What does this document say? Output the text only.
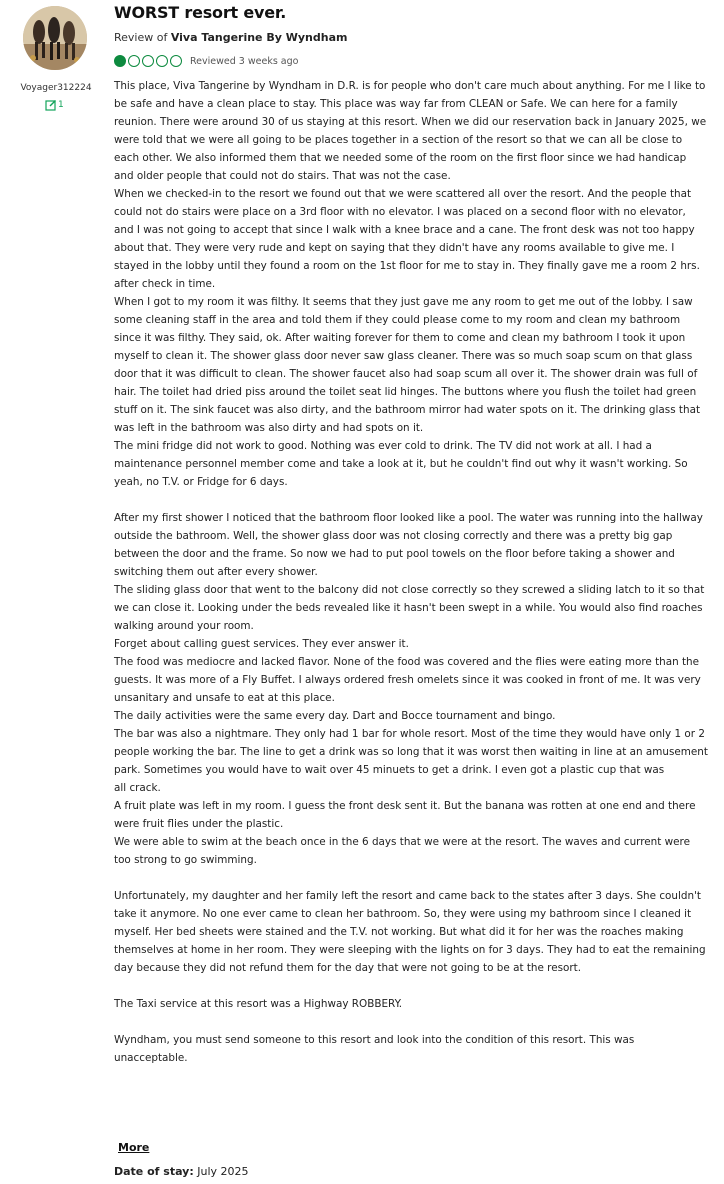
Voyager312224
1
WORST resort ever.
Review of Viva Tangerine By Wyndham
Reviewed 3 weeks ago

This place, Viva Tangerine by Wyndham in D.R. is for people who don't care much about anything. For me I like to be safe and have a clean place to stay. This place was way far from CLEAN or Safe. We can here for a family reunion. There were around 30 of us staying at this resort. When we did our reservation back in January 2025, we were told that we were all going to be places together in a section of the resort so that we can all be close to each other. We also informed them that we needed some of the room on the first floor since we had handicap and older people that could not do stairs. That was not the case.

When we checked-in to the resort we found out that we were scattered all over the resort. And the people that could not do stairs were place on a 3rd floor with no elevator. I was placed on a second floor with no elevator, and I was not going to accept that since I walk with a knee brace and a cane. The front desk was not too happy about that. They were very rude and kept on saying that they didn't have any rooms available to give me. I stayed in the lobby until they found a room on the 1st floor for me to stay in. They finally gave me a room 2 hrs. after check in time.

When I got to my room it was filthy. It seems that they just gave me any room to get me out of the lobby. I saw some cleaning staff in the area and told them if they could please come to my room and clean my bathroom since it was filthy. They said, ok. After waiting forever for them to come and clean my bathroom I took it upon myself to clean it. The shower glass door never saw glass cleaner. There was so much soap scum on that glass door that it was difficult to clean. The shower faucet also had soap scum all over it. The shower drain was full of hair. The toilet had dried piss around the toilet seat lid hinges. The buttons where you flush the toilet had green stuff on it. The sink faucet was also dirty, and the bathroom mirror had water spots on it. The drinking glass that was left in the bathroom was also dirty and had spots on it.

The mini fridge did not work to good. Nothing was ever cold to drink. The TV did not work at all. I had a maintenance personnel member come and take a look at it, but he couldn't find out why it wasn't working. So yeah, no T.V. or Fridge for 6 days.

After my first shower I noticed that the bathroom floor looked like a pool. The water was running into the hallway outside the bathroom. Well, the shower glass door was not closing correctly and there was a pretty big gap between the door and the frame. So now we had to put pool towels on the floor before taking a shower and switching them out after every shower.

The sliding glass door that went to the balcony did not close correctly so they screwed a sliding latch to it so that we can close it. Looking under the beds revealed like it hasn't been swept in a while. You would also find roaches walking around your room.

Forget about calling guest services. They ever answer it.

The food was mediocre and lacked flavor. None of the food was covered and the flies were eating more than the guests. It was more of a Fly Buffet. I always ordered fresh omelets since it was cooked in front of me. It was very unsanitary and unsafe to eat at this place.

The daily activities were the same every day. Dart and Bocce tournament and bingo.

The bar was also a nightmare. They only had 1 bar for whole resort. Most of the time they would have only 1 or 2 people working the bar. The line to get a drink was so long that it was worst then waiting in line at an amusement park. Sometimes you would have to wait over 45 minuets to get a drink. I even got a plastic cup that was

all crack.

A fruit plate was left in my room. I guess the front desk sent it. But the banana was rotten at one end and there were fruit flies under the plastic.

We were able to swim at the beach once in the 6 days that we were at the resort. The waves and current were too strong to go swimming.

Unfortunately, my daughter and her family left the resort and came back to the states after 3 days. She couldn't take it anymore. No one ever came to clean her bathroom. So, they were using my bathroom since I cleaned it myself. Her bed sheets were stained and the T.V. not working. But what did it for her was the roaches making themselves at home in her room. They were sleeping with the lights on for 3 days. They had to eat the remaining day because they did not refund them for the day that were not going to be at the resort.

The Taxi service at this resort was a Highway ROBBERY.

Wyndham, you must send someone to this resort and look into the condition of this resort. This was unacceptable.

More
Date of stay: July 2025
